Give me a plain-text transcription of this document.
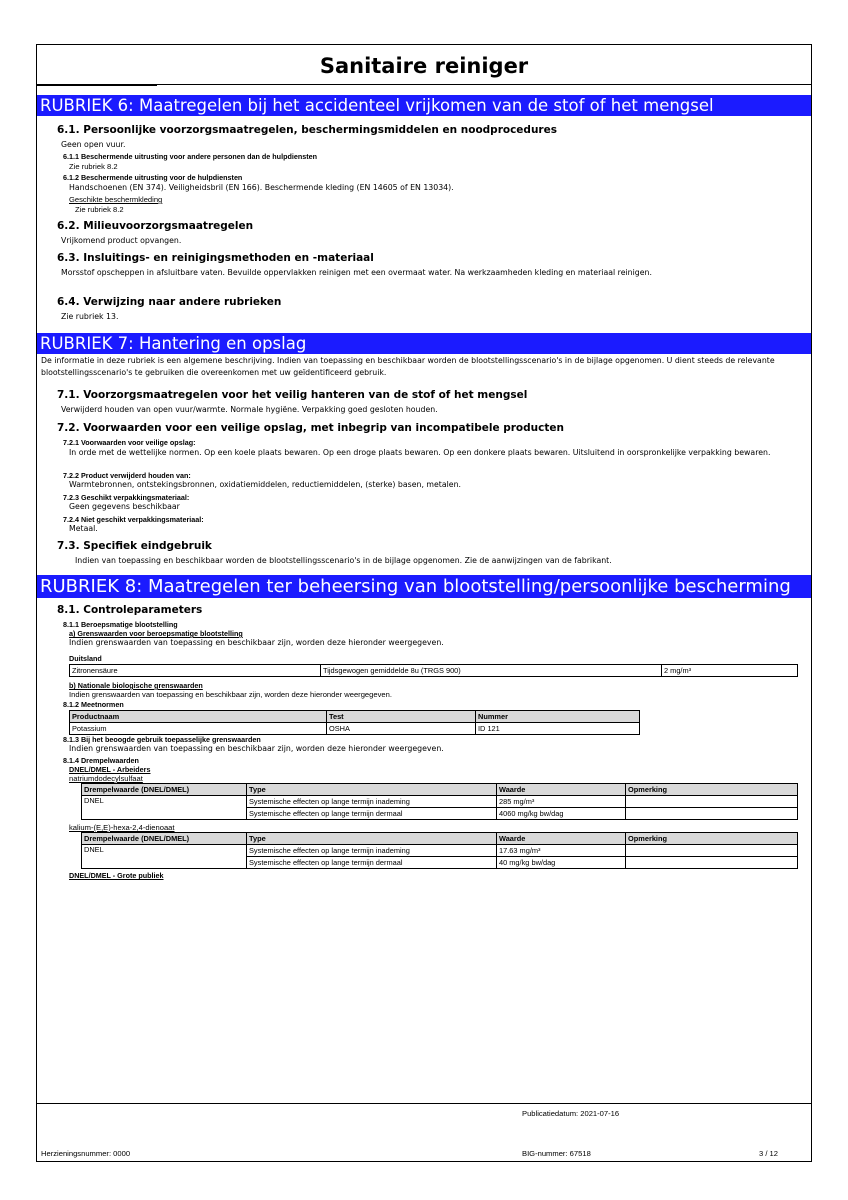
Sanitaire reiniger
RUBRIEK 6: Maatregelen bij het accidenteel vrijkomen van de stof of het mengsel
6.1. Persoonlijke voorzorgsmaatregelen, beschermingsmiddelen en noodprocedures
Geen open vuur.
6.1.1 Beschermende uitrusting voor andere personen dan de hulpdiensten
Zie rubriek 8.2
6.1.2 Beschermende uitrusting voor de hulpdiensten
Handschoenen (EN 374). Veiligheidsbril (EN 166). Beschermende kleding (EN 14605 of EN 13034).
Geschikte beschermkleding
Zie rubriek 8.2
6.2. Milieuvoorzorgsmaatregelen
Vrijkomend product opvangen.
6.3. Insluitings- en reinigingsmethoden en -materiaal
Morsstof opscheppen in afsluitbare vaten. Bevuilde oppervlakken reinigen met een overmaat water. Na werkzaamheden kleding en materiaal reinigen.
6.4. Verwijzing naar andere rubrieken
Zie rubriek 13.
RUBRIEK 7: Hantering en opslag
De informatie in deze rubriek is een algemene beschrijving. Indien van toepassing en beschikbaar worden de blootstellingsscenario's in de bijlage opgenomen. U dient steeds de relevante blootstellingsscenario's te gebruiken die overeenkomen met uw geïdentificeerd gebruik.
7.1. Voorzorgsmaatregelen voor het veilig hanteren van de stof of het mengsel
Verwijderd houden van open vuur/warmte. Normale hygiëne. Verpakking goed gesloten houden.
7.2. Voorwaarden voor een veilige opslag, met inbegrip van incompatibele producten
7.2.1 Voorwaarden voor veilige opslag:
In orde met de wettelijke normen. Op een koele plaats bewaren. Op een droge plaats bewaren. Op een donkere plaats bewaren. Uitsluitend in oorspronkelijke verpakking bewaren.
7.2.2 Product verwijderd houden van:
Warmtebronnen, ontstekingsbronnen, oxidatiemiddelen, reductiemiddelen, (sterke) basen, metalen.
7.2.3 Geschikt verpakkingsmateriaal:
Geen gegevens beschikbaar
7.2.4 Niet geschikt verpakkingsmateriaal:
Metaal.
7.3. Specifiek eindgebruik
Indien van toepassing en beschikbaar worden de blootstellingsscenario's in de bijlage opgenomen. Zie de aanwijzingen van de fabrikant.
RUBRIEK 8: Maatregelen ter beheersing van blootstelling/persoonlijke bescherming
8.1. Controleparameters
8.1.1 Beroepsmatige blootstelling
a) Grenswaarden voor beroepsmatige blootstelling
Indien grenswaarden van toepassing en beschikbaar zijn, worden deze hieronder weergegeven.
Duitsland
Zitronensäure	Tijdsgewogen gemiddelde 8u (TRGS 900)	2 mg/m³
b) Nationale biologische grenswaarden
Indien grenswaarden van toepassing en beschikbaar zijn, worden deze hieronder weergegeven.
8.1.2 Meetnormen
Productnaam	Test	Nummer
Potassium	OSHA	ID 121
8.1.3 Bij het beoogde gebruik toepasselijke grenswaarden
Indien grenswaarden van toepassing en beschikbaar zijn, worden deze hieronder weergegeven.
8.1.4 Drempelwaarden
DNEL/DMEL - Arbeiders
natriumdodecylsulfaat
Drempelwaarde (DNEL/DMEL)	Type	Waarde	Opmerking
DNEL	Systemische effecten op lange termijn inademing	285 mg/m³	
	Systemische effecten op lange termijn dermaal	4060 mg/kg bw/dag	
kalium-(E,E)-hexa-2,4-dienoaat
Drempelwaarde (DNEL/DMEL)	Type	Waarde	Opmerking
DNEL	Systemische effecten op lange termijn inademing	17.63 mg/m³	
	Systemische effecten op lange termijn dermaal	40 mg/kg bw/dag	
DNEL/DMEL - Grote publiek
Publicatiedatum: 2021-07-16
Herzieningsnummer: 0000	BIG-nummer: 67518	3 / 12
